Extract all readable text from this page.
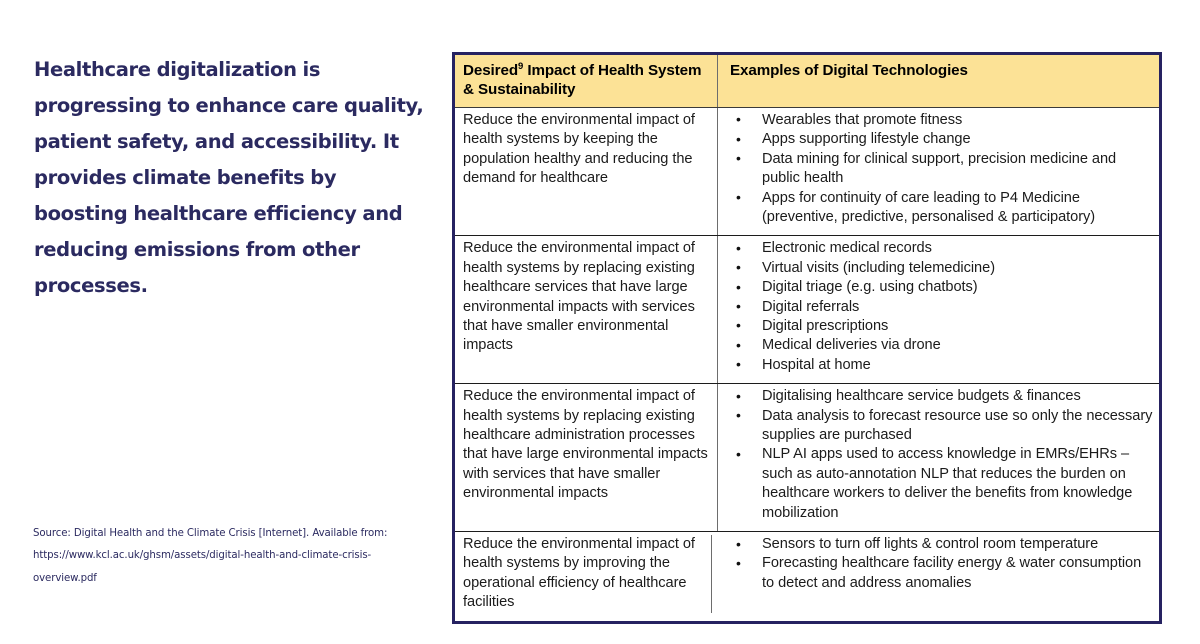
Healthcare digitalization is progressing to enhance care quality, patient safety, and accessibility. It provides climate benefits by boosting healthcare efficiency and reducing emissions from other processes.
Source: Digital Health and the Climate Crisis [Internet]. Available from: https://www.kcl.ac.uk/ghsm/assets/digital-health-and-climate-crisis-overview.pdf
Desired$^9$ Impact of Health System & Sustainability
Examples of Digital Technologies
Reduce the environmental impact of health systems by keeping the population healthy and reducing the demand for healthcare
• Wearables that promote fitness
• Apps supporting lifestyle change
• Data mining for clinical support, precision medicine and public health
• Apps for continuity of care leading to P4 Medicine (preventive, predictive, personalised & participatory)
Reduce the environmental impact of health systems by replacing existing healthcare services that have large environmental impacts with services that have smaller environmental impacts
• Electronic medical records
• Virtual visits (including telemedicine)
• Digital triage (e.g. using chatbots)
• Digital referrals
• Digital prescriptions
• Medical deliveries via drone
• Hospital at home
Reduce the environmental impact of health systems by replacing existing healthcare administration processes that have large environmental impacts with services that have smaller environmental impacts
• Digitalising healthcare service budgets & finances
• Data analysis to forecast resource use so only the necessary supplies are purchased
• NLP AI apps used to access knowledge in EMRs/EHRs – such as auto-annotation NLP that reduces the burden on healthcare workers to deliver the benefits from knowledge mobilization
Reduce the environmental impact of health systems by improving the operational efficiency of healthcare facilities
• Sensors to turn off lights & control room temperature
• Forecasting healthcare facility energy & water consumption to detect and address anomalies
